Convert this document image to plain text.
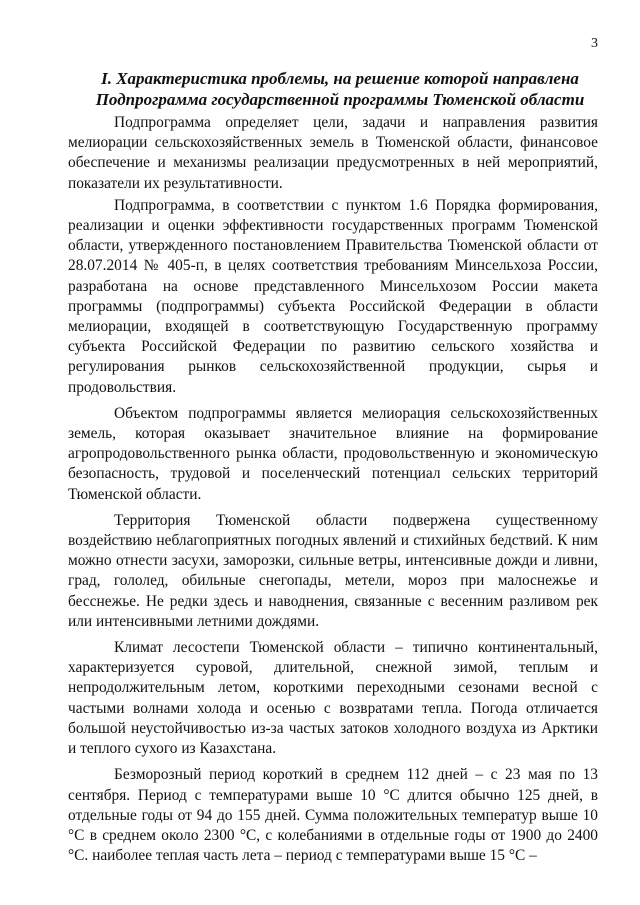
3
I. Характеристика проблемы, на решение которой направлена
Подпрограмма государственной программы Тюменской области

Подпрограмма определяет цели, задачи и направления развития мелиорации сельскохозяйственных земель в Тюменской области, финансовое обеспечение и механизмы реализации предусмотренных в ней мероприятий, показатели их результативности.

Подпрограмма, в соответствии с пунктом 1.6 Порядка формирования, реализации и оценки эффективности государственных программ Тюменской области, утвержденного постановлением Правительства Тюменской области от 28.07.2014 № 405-п, в целях соответствия требованиям Минсельхоза России, разработана на основе представленного Минсельхозом России макета программы (подпрограммы) субъекта Российской Федерации в области мелиорации, входящей в соответствующую Государственную программу субъекта Российской Федерации по развитию сельского хозяйства и регулирования рынков сельскохозяйственной продукции, сырья и продовольствия.

Объектом подпрограммы является мелиорация сельскохозяйственных земель, которая оказывает значительное влияние на формирование агропродовольственного рынка области, продовольственную и экономическую безопасность, трудовой и поселенческий потенциал сельских территорий Тюменской области.

Территория Тюменской области подвержена существенному воздействию неблагоприятных погодных явлений и стихийных бедствий. К ним можно отнести засухи, заморозки, сильные ветры, интенсивные дожди и ливни, град, гололед, обильные снегопады, метели, мороз при малоснежье и бесснежье. Не редки здесь и наводнения, связанные с весенним разливом рек или интенсивными летними дождями.

Климат лесостепи Тюменской области – типично континентальный, характеризуется суровой, длительной, снежной зимой, теплым и непродолжительным летом, короткими переходными сезонами весной с частыми волнами холода и осенью с возвратами тепла. Погода отличается большой неустойчивостью из-за частых затоков холодного воздуха из Арктики и теплого сухого из Казахстана.

Безморозный период короткий в среднем 112 дней – с 23 мая по 13 сентября. Период с температурами выше 10 °С длится обычно 125 дней, в отдельные годы от 94 до 155 дней. Сумма положительных температур выше 10 °С в среднем около 2300 °С, с колебаниями в отдельные годы от 1900 до 2400 °С. наиболее теплая часть лета – период с температурами выше 15 °С –
